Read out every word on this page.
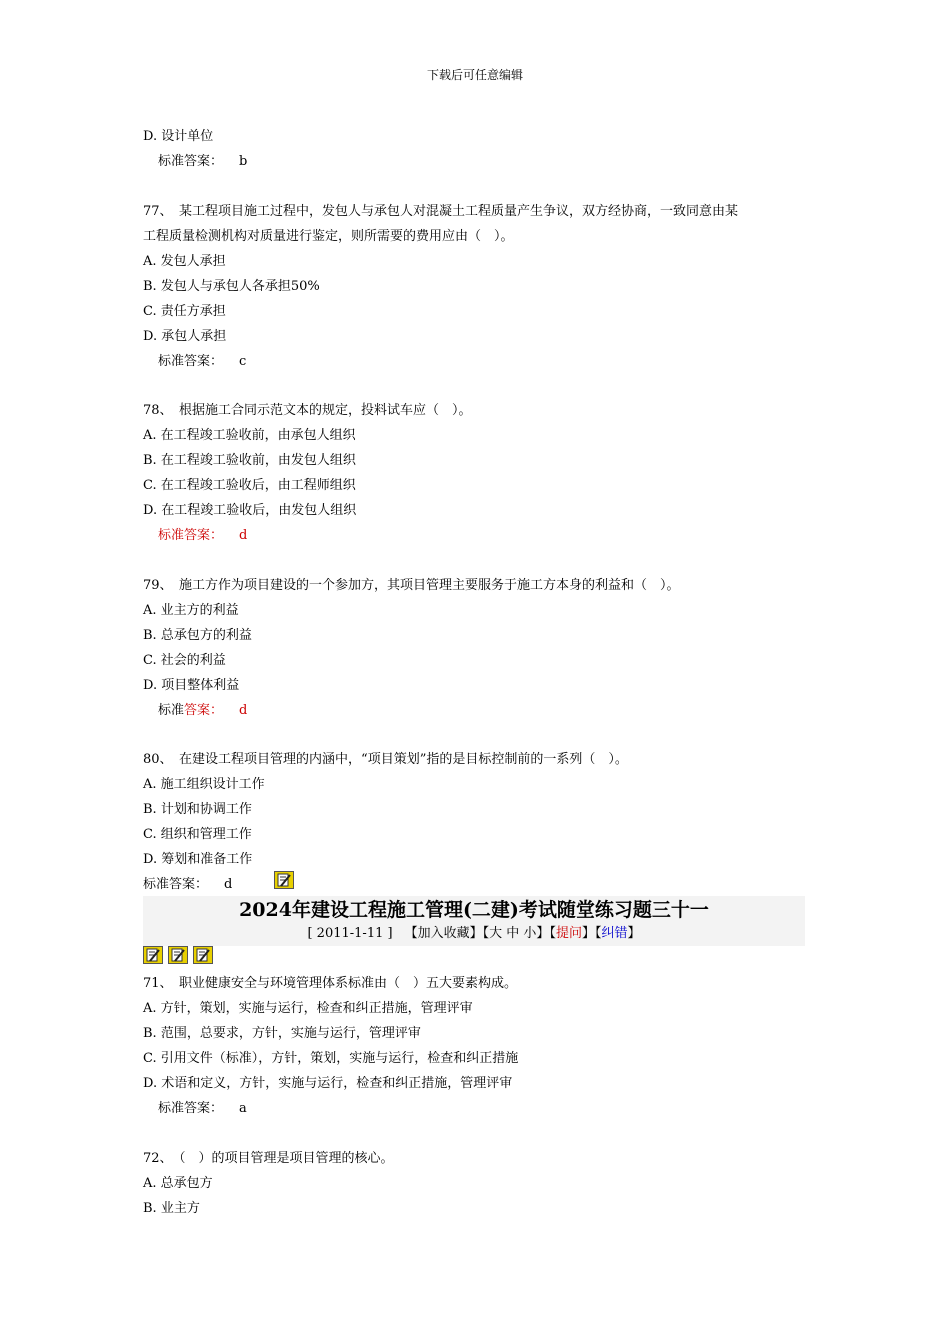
下载后可任意编辑
D. 设计单位
标准答案： b
77、　某工程项目施工过程中，发包人与承包人对混凝土工程质量产生争议，双方经协商，一致同意由某
工程质量检测机构对质量进行鉴定，则所需要的费用应由（　）。
A. 发包人承担
B. 发包人与承包人各承担50%
C. 责任方承担
D. 承包人承担
标准答案： c
78、　根据施工合同示范文本的规定，投料试车应（　）。
A. 在工程竣工验收前，由承包人组织
B. 在工程竣工验收前，由发包人组织
C. 在工程竣工验收后，由工程师组织
D. 在工程竣工验收后，由发包人组织
标准答案： d
79、　施工方作为项目建设的一个参加方，其项目管理主要服务于施工方本身的利益和（　）。
A. 业主方的利益
B. 总承包方的利益
C. 社会的利益
D. 项目整体利益
标准答案： d
80、　在建设工程项目管理的内涵中，“项目策划”指的是目标控制前的一系列（　）。
A. 施工组织设计工作
B. 计划和协调工作
C. 组织和管理工作
D. 筹划和准备工作
标准答案： d
2024年建设工程施工管理(二建)考试随堂练习题三十一
[ 2011-1-11 ] 【加入收藏】【大 中 小】【提问】【纠错】
71、　职业健康安全与环境管理体系标准由（　）五大要素构成。
A. 方针，策划，实施与运行，检查和纠正措施，管理评审
B. 范围，总要求，方针，实施与运行，管理评审
C. 引用文件（标准），方针，策划，实施与运行，检查和纠正措施
D. 术语和定义，方针，实施与运行，检查和纠正措施，管理评审
标准答案： a
72、　（　）的项目管理是项目管理的核心。
A. 总承包方
B. 业主方
